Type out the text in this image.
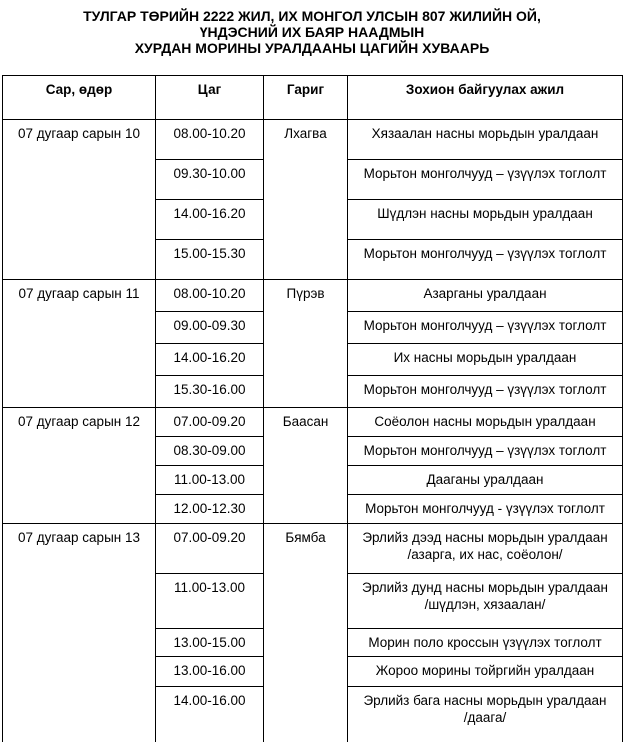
ТУЛГАР ТӨРИЙН 2222 ЖИЛ, ИХ МОНГОЛ УЛСЫН 807 ЖИЛИЙН ОЙ,
ҮНДЭСНИЙ ИХ БАЯР НААДМЫН
ХУРДАН МОРИНЫ УРАЛДААНЫ ЦАГИЙН ХУВААРЬ
Сар, өдөр	Цаг	Гариг	Зохион байгуулах ажил
07 дугаар сарын 10	08.00-10.20	Лхагва	Хязаалан насны морьдын уралдаан
	09.30-10.00		Морьтон монголчууд – үзүүлэх тоглолт
	14.00-16.20		Шүдлэн насны морьдын уралдаан
	15.00-15.30		Морьтон монголчууд – үзүүлэх тоглолт
07 дугаар сарын 11	08.00-10.20	Пүрэв	Азарганы уралдаан
	09.00-09.30		Морьтон монголчууд – үзүүлэх тоглолт
	14.00-16.20		Их насны морьдын уралдаан
	15.30-16.00		Морьтон монголчууд – үзүүлэх тоглолт
07 дугаар сарын 12	07.00-09.20	Баасан	Соёолон насны морьдын уралдаан
	08.30-09.00		Морьтон монголчууд – үзүүлэх тоглолт
	11.00-13.00		Дааганы уралдаан
	12.00-12.30		Морьтон монголчууд - үзүүлэх тоглолт
07 дугаар сарын 13	07.00-09.20	Бямба	Эрлийз дээд насны морьдын уралдаан
/азарга, их нас, соёолон/

	11.00-13.00		Эрлийз дунд насны морьдын уралдаан
/шүдлэн, хязаалан/

	13.00-15.00		Морин поло кроссын үзүүлэх тоглолт
	13.00-16.00		Жороо морины тойргийн уралдаан
	14.00-16.00		Эрлийз бага насны морьдын уралдаан
/даага/
